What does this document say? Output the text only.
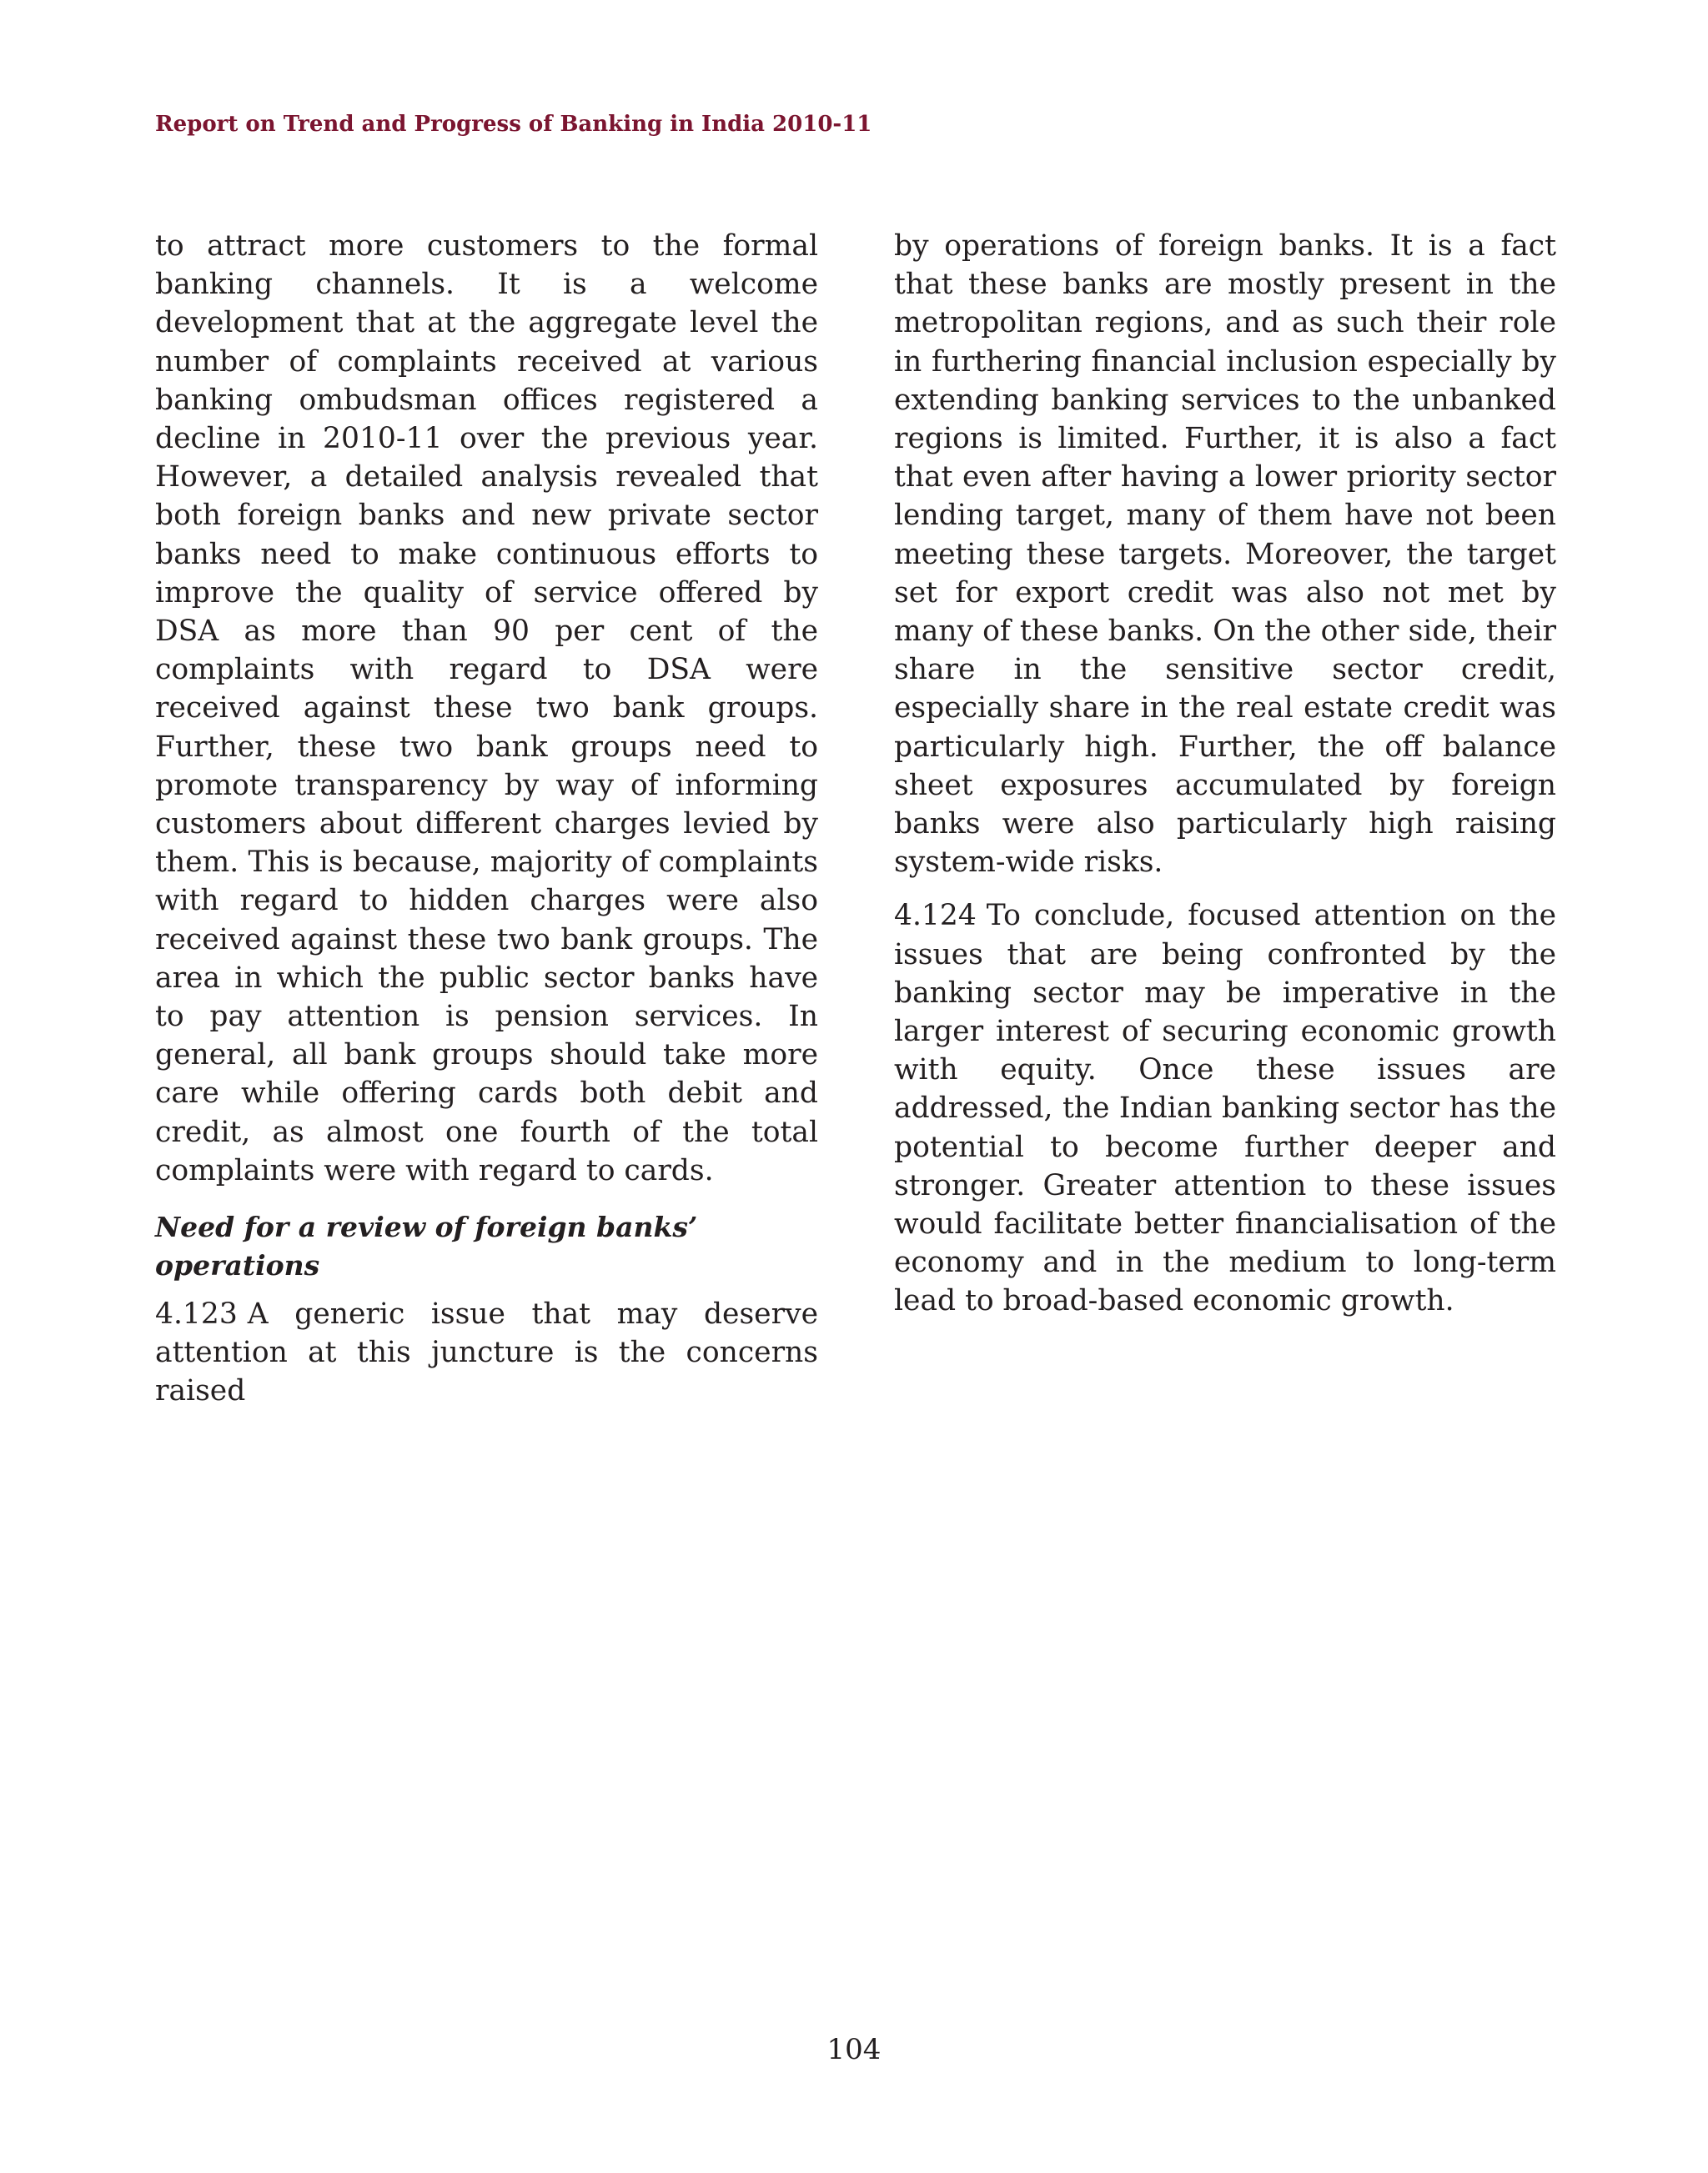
Report on Trend and Progress of Banking in India 2010-11

to attract more customers to the formal banking channels. It is a welcome development that at the aggregate level the number of complaints received at various banking ombudsman offices registered a decline in 2010-11 over the previous year. However, a detailed analysis revealed that both foreign banks and new private sector banks need to make continuous efforts to improve the quality of service offered by DSA as more than 90 per cent of the complaints with regard to DSA were received against these two bank groups. Further, these two bank groups need to promote transparency by way of informing customers about different charges levied by them. This is because, majority of complaints with regard to hidden charges were also received against these two bank groups. The area in which the public sector banks have to pay attention is pension services. In general, all bank groups should take more care while offering cards both debit and credit, as almost one fourth of the total complaints were with regard to cards.

Need for a review of foreign banks’ operations

4.123 A generic issue that may deserve attention at this juncture is the concerns raised

by operations of foreign banks. It is a fact that these banks are mostly present in the metropolitan regions, and as such their role in furthering financial inclusion especially by extending banking services to the unbanked regions is limited. Further, it is also a fact that even after having a lower priority sector lending target, many of them have not been meeting these targets. Moreover, the target set for export credit was also not met by many of these banks. On the other side, their share in the sensitive sector credit, especially share in the real estate credit was particularly high. Further, the off balance sheet exposures accumulated by foreign banks were also particularly high raising system-wide risks.

4.124 To conclude, focused attention on the issues that are being confronted by the banking sector may be imperative in the larger interest of securing economic growth with equity. Once these issues are addressed, the Indian banking sector has the potential to become further deeper and stronger. Greater attention to these issues would facilitate better financialisation of the economy and in the medium to long-term lead to broad-based economic growth.

104
